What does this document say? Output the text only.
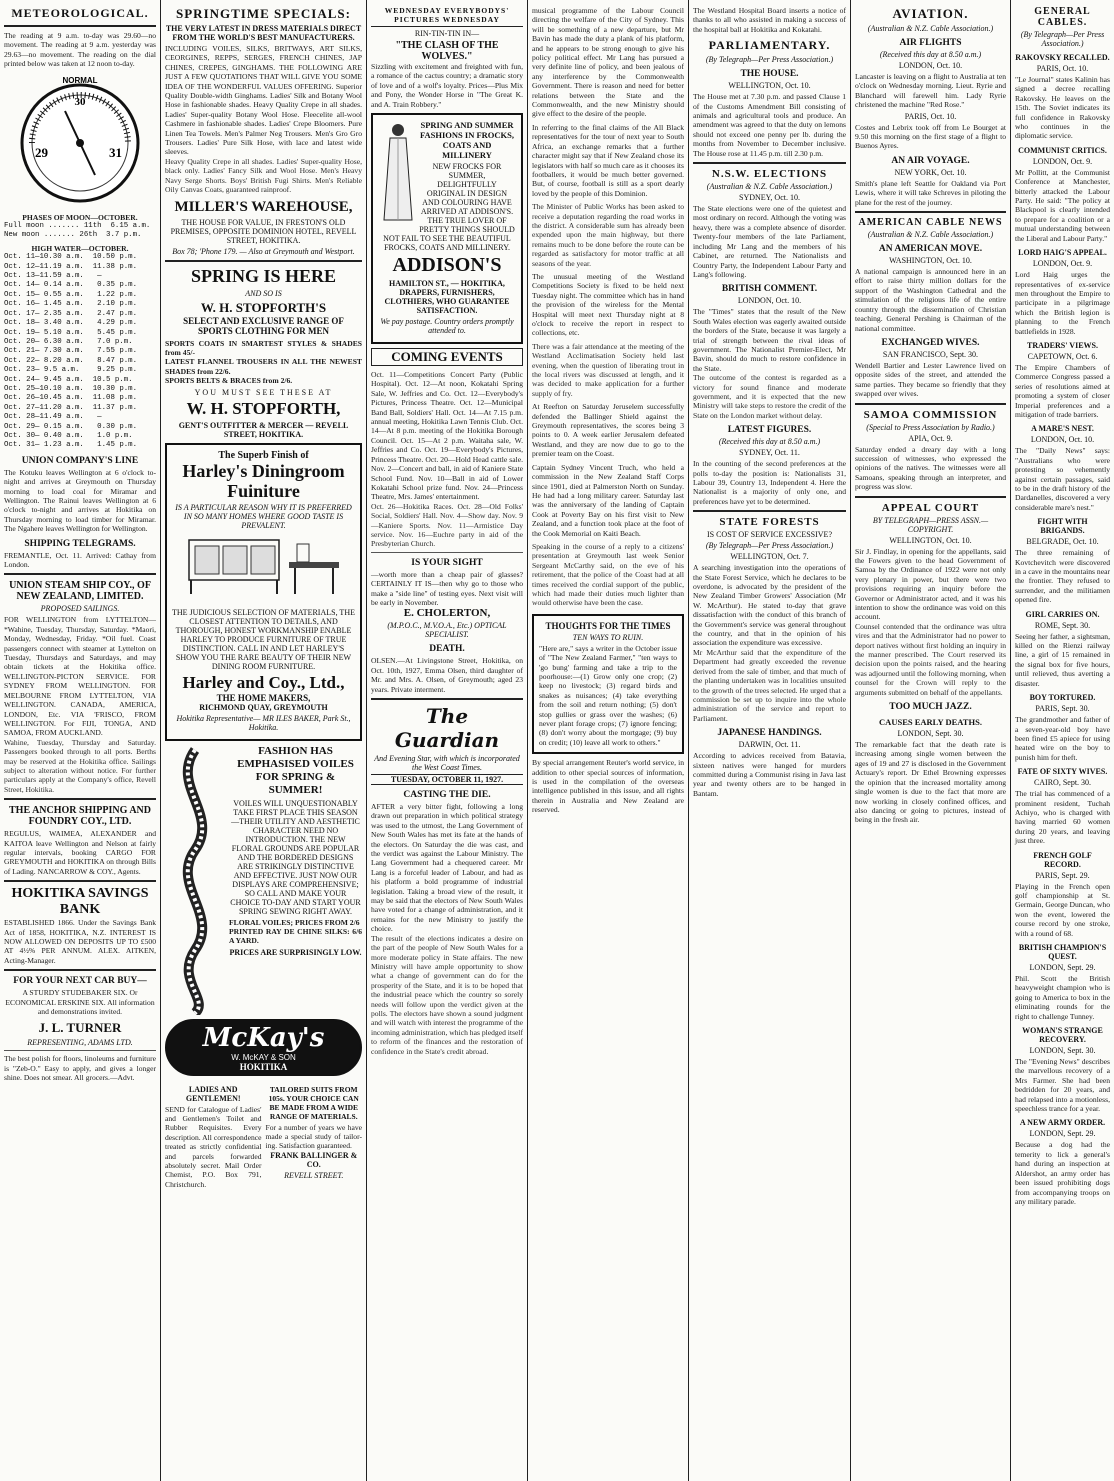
METEOROLOGICAL.
The reading at 9 a.m. to-day was 29.60—no movement. The reading at 9 a.m. yesterday was 29.63—no movement. The reading on the dial printed below was taken at 12 noon to-day.
NORMAL
29	31
30
PHASES OF MOON—OCTOBER.
Full moon ....... 11th  6.15 a.m.
New moon ....... 26th  3.7 p.m.
HIGH WATER—OCTOBER.
Oct. 11—10.30 a.m.  10.50 p.m.
Oct. 12—11.19 a.m.  11.38 p.m.
Oct. 13—11.59 a.m.   —
Oct. 14— 0.14 a.m.   0.35 p.m.
Oct. 15— 0.55 a.m.   1.22 p.m.
Oct. 16— 1.45 a.m.   2.10 p.m.
Oct. 17— 2.35 a.m.   2.47 p.m.
Oct. 18— 3.40 a.m.   4.29 p.m.
Oct. 19— 5.10 a.m.   5.45 p.m.
Oct. 20— 6.30 a.m.   7.0 p.m.
Oct. 21— 7.30 a.m.   7.55 p.m.
Oct. 22— 8.20 a.m.   8.47 p.m.
Oct. 23— 9.5 a.m.    9.25 p.m.
Oct. 24— 9.45 a.m.  10.5 p.m.
Oct. 25—10.10 a.m.  10.30 p.m.
Oct. 26—10.45 a.m.  11.08 p.m.
Oct. 27—11.20 a.m.  11.37 p.m.
Oct. 28—11.49 a.m.   —
Oct. 29— 0.15 a.m.   0.30 p.m.
Oct. 30— 0.40 a.m.   1.0 p.m.
Oct. 31— 1.23 a.m.   1.45 p.m.
UNION COMPANY'S LINE
The Kotuku leaves Wellington at 6 o'clock to-night and arrives at Greymouth on Thursday morning to load coal for Miramar and Wellington. The Rainui leaves Wellington at 6 o'clock to-night and arrives at Hokitika on Thursday morning to load timber for Miramar. The Ngahere leaves Wellington for Wellington.
SHIPPING TELEGRAMS.
FREMANTLE, Oct. 11. Arrived: Cathay from London.
UNION STEAM SHIP COY., OF NEW ZEALAND, LIMITED.
PROPOSED SAILINGS.
FOR WELLINGTON from LYTTELTON— *Wahine, Tuesday, Thursday, Saturday. *Maori, Monday, Wednesday, Friday. *Oil fuel. Coast passengers connect with steamer at Lyttelton on Tuesday, Thursdays and Saturdays, and may obtain tickets at the Hokitika office. WELLINGTON-PICTON SERVICE. FOR SYDNEY FROM WELLINGTON. FOR MELBOURNE FROM LYTTELTON, VIA WELLINGTON. CANADA, AMERICA, LONDON, Etc. VIA 'FRISCO, FROM WELLINGTON. For FIJI, TONGA, AND SAMOA, FROM AUCKLAND.
Wahine, Tuesday, Thursday and Saturday. Passengers booked through to all ports. Berths may be reserved at the Hokitika office. Sailings subject to alteration without notice. For further particulars apply at the Company's office, Revell Street, Hokitika.
THE ANCHOR SHIPPING AND FOUNDRY COY., LTD.
REGULUS, WAIMEA, ALEXANDER and KAITOA leave Wellington and Nelson at fairly regular intervals, booking CARGO FOR GREYMOUTH and HOKITIKA on through Bills of Lading. NANCARROW & COY., Agents.
HOKITIKA SAVINGS BANK
ESTABLISHED 1866. Under the Savings Bank Act of 1858, HOKITIKA, N.Z. INTEREST IS NOW ALLOWED ON DEPOSITS UP TO £500 AT 4½% PER ANNUM. ALEX. AITKEN, Acting-Manager.
FOR YOUR NEXT CAR BUY—
A STURDY STUDEBAKER SIX. Or ECONOMICAL ERSKINE SIX. All information and demonstrations invited.
J. L. TURNER
REPRESENTING, ADAMS LTD.
The best polish for floors, linoleums and furniture is "Zeb-O." Easy to apply, and gives a longer shine. Does not smear. All grocers.—Advt.
SPRINGTIME SPECIALS:
THE VERY LATEST IN DRESS MATERIALS DIRECT FROM THE WORLD'S BEST MANUFACTURERS.
INCLUDING VOILES, SILKS, BRITWAYS, ART SILKS, CEORGINES, REPPS, SERGES, FRENCH CHINES, JAP CHINES, CREPES, GINGHAMS. THE FOLLOWING ARE JUST A FEW QUOTATIONS THAT WILL GIVE YOU SOME IDEA OF THE WONDERFUL VALUES OFFERING. Superior Quality Double-width Ginghams. Ladies' Silk and Botany Wool Hose in fashionable shades. Heavy Quality Crepe in all shades. Ladies' Super-quality Botany Wool Hose. Fleecelite all-wool Cashmere in fashionable shades. Ladies' Crepe Bloomers. Pure Linen Tea Towels. Men's Palmer Neg Trousers. Men's Gro Gro Trousers. Ladies' Pure Silk Hose, with lace and latest wide sleeves.
Heavy Quality Crepe in all shades. Ladies' Super-quality Hose, black only. Ladies' Fancy Silk and Wool Hose. Men's Heavy Navy Serge Shorts. Boys' British Fugi Shirts. Men's Reliable Oily Canvas Coats, guaranteed rainproof.
MILLER'S WAREHOUSE,
THE HOUSE FOR VALUE, IN FRESTON'S OLD PREMISES, OPPOSITE DOMINION HOTEL, REVELL STREET, HOKITIKA.
Box 78; 'Phone 179. — Also at Greymouth and Westport.
SPRING IS HERE
AND SO IS
W. H. STOPFORTH'S
SELECT AND EXCLUSIVE RANGE OF SPORTS CLOTHING FOR MEN
SPORTS COATS IN SMARTEST STYLES & SHADES from 45/-
LATEST FLANNEL TROUSERS IN ALL THE NEWEST SHADES from 22/6.
SPORTS BELTS & BRACES from 2/6.
YOU MUST SEE THESE AT
W. H. STOPFORTH,
GENT'S OUTFITTER & MERCER — REVELL STREET, HOKITIKA.
The Superb Finish of
Harley's Diningroom Fuiniture
IS A PARTICULAR REASON WHY IT IS PREFERRED IN SO MANY HOMES WHERE GOOD TASTE IS PREVALENT.
THE JUDICIOUS SELECTION OF MATERIALS, THE CLOSEST ATTENTION TO DETAILS, AND THOROUGH, HONEST WORKMANSHIP ENABLE HARLEY TO PRODUCE FURNITURE OF TRUE DISTINCTION. CALL IN AND LET HARLEY'S SHOW YOU THE RARE BEAUTY OF THEIR NEW DINING ROOM FURNITURE.
Harley and Coy., Ltd.,
THE HOME MAKERS,
RICHMOND QUAY, GREYMOUTH
Hokitika Representative— MR ILES BAKER, Park St., Hokitika.
FASHION HAS EMPHASISED VOILES FOR SPRING & SUMMER!
VOILES WILL UNQUESTIONABLY TAKE FIRST PLACE THIS SEASON —THEIR UTILITY AND AESTHETIC CHARACTER NEED NO INTRODUCTION. THE NEW FLORAL GROUNDS ARE POPULAR AND THE BORDERED DESIGNS ARE STRIKINGLY DISTINCTIVE AND EFFECTIVE. JUST NOW OUR DISPLAYS ARE COMPREHENSIVE; SO CALL AND MAKE YOUR CHOICE TO-DAY AND START YOUR SPRING SEWING RIGHT AWAY.
FLORAL VOILES; PRICES FROM 2/6
PRINTED RAY DE CHINE SILKS: 6/6 A YARD.
PRICES ARE SURPRISINGLY LOW.
McKay's
W. McKAY & SON
HOKITIKA
LADIES AND GENTLEMEN!
SEND for Catalogue of Ladies' and Gentlemen's Toilet and Rubber Requisites. Every description. All correspondence treated as strictly confidential and parcels forwarded absolutely secret. Mail Order Chemist, P.O. Box 791, Christchurch.
TAILORED SUITS FROM 105s. YOUR CHOICE CAN BE MADE FROM A WIDE RANGE OF MATERIALS.
For a number of years we have made a special study of tailor-ing. Satisfaction guaranteed.
FRANK BALLINGER & CO.
REVELL STREET.
WEDNESDAY EVERYBODYS' PICTURES WEDNESDAY
RIN-TIN-TIN IN—
"THE CLASH OF THE WOLVES."
Sizzling with excitement and freighted with fun, a romance of the cactus country; a dramatic story of love and of a wolf's loyalty. Prices—Plus Mix and Pony, the Wonder Horse in "The Great K. and A. Train Robbery."
SPRING AND SUMMER FASHIONS IN FROCKS, COATS AND MILLINERY
NEW FROCKS FOR SUMMER, DELIGHTFULLY ORIGINAL IN DESIGN AND COLOURING HAVE ARRIVED AT ADDISON'S. THE TRUE LOVER OF PRETTY THINGS SHOULD NOT FAIL TO SEE THE BEAUTIFUL FROCKS, COATS AND MILLINERY.
ADDISON'S
HAMILTON ST., — HOKITIKA, DRAPERS, FURNISHERS, CLOTHIERS, WHO GUARANTEE SATISFACTION.
We pay postage. Country orders promptly attended to.
COMING EVENTS
Oct. 11—Competitions Concert Party (Public Hospital). Oct. 12—At noon, Kokatahi Spring Sale, W. Jeffries and Co. Oct. 12—Everybody's Pictures, Princess Theatre. Oct. 12—Municipal Band Ball, Soldiers' Hall. Oct. 14—At 7.15 p.m. annual meeting, Hokitika Lawn Tennis Club. Oct. 14—At 8 p.m. meeting of the Hokitika Borough Council. Oct. 15—At 2 p.m. Waitaha sale, W. Jeffries and Co. Oct. 19—Everybody's Pictures, Princess Theatre. Oct. 20—Hold Head cattle sale. Nov. 2—Concert and ball, in aid of Kaniere State School Fund. Nov. 10—Ball in aid of Lower Kokatahi School prize fund. Nov. 24—Princess Theatre, Mrs. James' entertainment.
Oct. 26—Hokitika Races. Oct. 28—Old Folks' Social, Soldiers' Hall. Nov. 4—Show day. Nov. 9—Kaniere Sports. Nov. 11—Armistice Day service. Nov. 16—Euchre party in aid of the Presbyterian Church.
IS YOUR SIGHT
—worth more than a cheap pair of glasses? CERTAINLY IT IS—then why go to those who make a "side line" of testing eyes. Next visit will be early in November.
E. CHOLERTON,
(M.P.O.C., M.V.O.A., Etc.) OPTICAL SPECIALIST.
DEATH.
OLSEN.—At Livingstone Street, Hokitika, on Oct. 10th, 1927, Emma Olsen, third daughter of Mr. and Mrs. A. Olsen, of Greymouth; aged 23 years. Private interment.
The Guardian
And Evening Star, with which is incorporated the West Coast Times.
TUESDAY, OCTOBER 11, 1927.
CASTING THE DIE.
AFTER a very bitter fight, following a long drawn out preparation in which political strategy was used to the utmost, the Lang Government of New South Wales has met its fate at the hands of the electors. On Saturday the die was cast, and the verdict was against the Labour Ministry. The Lang Government had a chequered career. Mr Lang is a forceful leader of Labour, and had as his platform a bold programme of industrial legislation. Taking a broad view of the result, it may be said that the electors of New South Wales have voted for a change of administration, and it remains for the new Ministry to justify the choice.
The result of the elections indicates a desire on the part of the people of New South Wales for a more moderate policy in State affairs. The new Ministry will have ample opportunity to show what a change of government can do for the prosperity of the State, and it is to be hoped that the industrial peace which the country so sorely needs will follow upon the verdict given at the polls. The electors have shown a sound judgment and will watch with interest the programme of the incoming administration, which has pledged itself to reform of the finances and the restoration of confidence in the State's credit abroad.
musical programme of the Labour Council directing the welfare of the City of Sydney. This will be something of a new departure, but Mr Bavin has made the duty a plank of his platform, and he appears to be strong enough to give his policy political effect. Mr Lang has pursued a very definite line of policy, and been jealous of any interference by the Commonwealth Government. There is reason and need for better relations between the State and the Commonwealth, and the new Ministry should give effect to the desire of the people.
In referring to the final claims of the All Black representatives for the tour of next year to South Africa, an exchange remarks that a further character might say that if New Zealand chose its legislators with half so much care as it chooses its footballers, it would be much better governed. But, of course, football is still as a sport dearly loved by the people of this Dominion.
The Minister of Public Works has been asked to receive a deputation regarding the road works in the district. A considerable sum has already been expended upon the main highway, but there remains much to be done before the route can be regarded as satisfactory for motor traffic at all seasons of the year.
The unusual meeting of the Westland Competitions Society is fixed to be held next Tuesday night. The committee which has in hand the provision of the wireless for the Mental Hospital will meet next Thursday night at 8 o'clock to receive the report in respect to collections, etc.
There was a fair attendance at the meeting of the Westland Acclimatisation Society held last evening, when the question of liberating trout in the local rivers was discussed at length, and it was decided to make application for a further supply of fry.
At Reefton on Saturday Jeruselem successfully defended the Ballinger Shield against the Greymouth representatives, the scores being 3 points to 0. A week earlier Jerusalem defeated Westland, and they are now due to go to the premier team on the Coast.
Captain Sydney Vincent Truch, who held a commission in the New Zealand Staff Corps since 1901, died at Palmerston North on Sunday. He had had a long military career. Saturday last was the anniversary of the landing of Captain Cook at Poverty Bay on his first visit to New Zealand, and a function took place at the foot of the Cook Memorial on Kaiti Beach.
Speaking in the course of a reply to a citizens' presentation at Greymouth last week Senior Sergeant McCarthy said, on the eve of his retirement, that the police of the Coast had at all times received the cordial support of the public, which had made their duties much lighter than would otherwise have been the case.
THOUGHTS FOR THE TIMES
TEN WAYS TO RUIN.
"Here are," says a writer in the October issue of "The New Zealand Farmer," "ten ways to 'go bung' farming and take a trip to the poorhouse:—(1) Grow only one crop; (2) keep no livestock; (3) regard birds and snakes as nuisances; (4) take everything from the soil and return nothing; (5) don't stop gullies or grass over the washes; (6) never plant forage crops; (7) ignore fencing; (8) don't worry about the mortgage; (9) buy on credit; (10) leave all work to others."
By special arrangement Reuter's world service, in addition to other special sources of information, is used in the compilation of the overseas intelligence published in this issue, and all rights therein in Australia and New Zealand are reserved.
The Westland Hospital Board inserts a notice of thanks to all who assisted in making a success of the hospital ball at Hokitika and Kokatahi.
PARLIAMENTARY.
(By Telegraph—Per Press Association.)
THE HOUSE.
WELLINGTON, Oct. 10.
The House met at 7.30 p.m. and passed Clause 1 of the Customs Amendment Bill consisting of animals and agricultural tools and produce. An amendment was agreed to that the duty on lemons should not exceed one penny per lb. during the months from November to December inclusive. The House rose at 11.45 p.m. till 2.30 p.m.
N.S.W. ELECTIONS
(Australian & N.Z. Cable Association.)
SYDNEY, Oct. 10.
The State elections were one of the quietest and most ordinary on record. Although the voting was heavy, there was a complete absence of disorder. Twenty-four members of the late Parliament, including Mr Lang and the members of his Cabinet, are returned. The Nationalists and Country Party, the Independent Labour Party and Lang's following.
BRITISH COMMENT.
LONDON, Oct. 10.
The "Times" states that the result of the New South Wales election was eagerly awaited outside the borders of the State, because it was largely a trial of strength between the rival ideas of government. The Nationalist Premier-Elect, Mr Bavin, should do much to restore confidence in the State.
The outcome of the contest is regarded as a victory for sound finance and moderate government, and it is expected that the new Ministry will take steps to restore the credit of the State on the London market without delay.
LATEST FIGURES.
(Received this day at 8.50 a.m.)
SYDNEY, Oct. 11.
In the counting of the second preferences at the polls to-day the position is: Nationalists 31, Labour 39, Country 13, Independent 4. Here the Nationalist is a majority of only one, and preferences have yet to be determined.
STATE FORESTS
IS COST OF SERVICE EXCESSIVE?
(By Telegraph—Per Press Association.)
WELLINGTON, Oct. 7.
A searching investigation into the operations of the State Forest Service, which he declares to be overdone, is advocated by the president of the New Zealand Timber Growers' Association (Mr W. McArthur). He stated to-day that grave dissatisfaction with the conduct of this branch of the Government's service was general throughout the country, and that in the opinion of his association the expenditure was excessive.
Mr McArthur said that the expenditure of the Department had greatly exceeded the revenue derived from the sale of timber, and that much of the planting undertaken was in localities unsuited to the growth of the trees selected. He urged that a commission be set up to inquire into the whole administration of the service and report to Parliament.
JAPANESE HANDINGS.
DARWIN, Oct. 11.
According to advices received from Batavia, sixteen natives were hanged for murders committed during a Communist rising in Java last year and twenty others are to be hanged in Bantam.
AVIATION.
(Australian & N.Z. Cable Association.)
AIR FLIGHTS
(Received this day at 8.50 a.m.)
LONDON, Oct. 10.
Lancaster is leaving on a flight to Australia at ten o'clock on Wednesday morning. Lieut. Ryrie and Blanchard will farewell him. Lady Ryrie christened the machine "Red Rose."
PARIS, Oct. 10.
Costes and Lebrix took off from Le Bourget at 9.50 this morning on the first stage of a flight to Buenos Ayres.
AN AIR VOYAGE.
NEW YORK, Oct. 10.
Smith's plane left Seattle for Oakland via Port Lewis, where it will take Schreves in piloting the plane for the rest of the journey.
AMERICAN CABLE NEWS
(Australian & N.Z. Cable Association.)
AN AMERICAN MOVE.
WASHINGTON, Oct. 10.
A national campaign is announced here in an effort to raise thirty million dollars for the support of the Washington Cathedral and the stimulation of the religious life of the entire country through the dissemination of Christian teaching. General Pershing is Chairman of the national committee.
EXCHANGED WIVES.
SAN FRANCISCO, Sept. 30.
Wendell Bartier and Lester Lawrence lived on opposite sides of the street, and attended the same parties. They became so friendly that they swapped over wives.
SAMOA COMMISSION
(Special to Press Association by Radio.)
APIA, Oct. 9.
Saturday ended a dreary day with a long succession of witnesses, who expressed the opinions of the natives. The witnesses were all Samoans, speaking through an interpreter, and progress was slow.
APPEAL COURT
BY TELEGRAPH—PRESS ASSN.—COPYRIGHT.
WELLINGTON, Oct. 10.
Sir J. Findlay, in opening for the appellants, said the Fowers given to the head Government of Samoa by the Ordinance of 1922 were not only very plenary in power, but there were two provisions requiring an inquiry before the Governor or Administrator acted, and it was his intention to show the ordinance was void on this account.
Counsel contended that the ordinance was ultra vires and that the Administrator had no power to deport natives without first holding an inquiry in the manner prescribed. The Court reserved its decision upon the points raised, and the hearing was adjourned until the following morning, when counsel for the Crown will reply to the arguments submitted on behalf of the appellants.
TOO MUCH JAZZ.
CAUSES EARLY DEATHS.
LONDON, Sept. 30.
The remarkable fact that the death rate is increasing among single women between the ages of 19 and 27 is disclosed in the Government Actuary's report. Dr Ethel Browning expresses the opinion that the increased mortality among single women is due to the fact that more are now working in closely confined offices, and also dancing or going to pictures, instead of being in the fresh air.
GENERAL CABLES.
(By Telegraph—Per Press Association.)
RAKOVSKY RECALLED.
PARIS, Oct. 10.
"Le Journal" states Kalinin has signed a decree recalling Rakovsky. He leaves on the 15th. The Soviet indicates its full confidence in Rakovsky who continues in the diplomatic service.
COMMUNIST CRITICS.
LONDON, Oct. 9.
Mr Pollitt, at the Communist Conference at Manchester, bitterly attacked the Labour Party. He said: "The policy at Blackpool is clearly intended to prepare for a coalition or a mutual understanding between the Liberal and Labour Party."
LORD HAIG'S APPEAL.
LONDON, Oct. 9.
Lord Haig urges the representatives of ex-service men throughout the Empire to participate in a pilgrimage which the British legion is planning to the French battlefields in 1928.
TRADERS' VIEWS.
CAPETOWN, Oct. 6.
The Empire Chambers of Commerce Congress passed a series of resolutions aimed at promoting a system of closer Imperial preferences and a mitigation of trade barriers.
A MARE'S NEST.
LONDON, Oct. 10.
The "Daily News" says: "Australians who were protesting so vehemently against certain passages, said to be in the draft history of the Dardanelles, discovered a very considerable mare's nest."
FIGHT WITH BRIGANDS.
BELGRADE, Oct. 10.
The three remaining of Kovtchevitch were discovered in a cave in the mountains near the frontier. They refused to surrender, and the militiamen opened fire.
GIRL CARRIES ON.
ROME, Sept. 30.
Seeing her father, a sightsman, killed on the Rienzi railway line, a girl of 15 remained in the signal box for five hours, until relieved, thus averting a disaster.
BOY TORTURED.
PARIS, Sept. 30.
The grandmother and father of a seven-year-old boy have been fined £5 apiece for using heated wire on the boy to punish him for theft.
FATE OF SIXTY WIVES.
CAIRO, Sept. 30.
The trial has commenced of a prominent resident, Tuchah Achiyo, who is charged with having married 60 women during 20 years, and leaving just three.
FRENCH GOLF RECORD.
PARIS, Sept. 29.
Playing in the French open golf championship at St. Germain, George Duncan, who won the event, lowered the course record by one stroke, with a round of 68.
BRITISH CHAMPION'S QUEST.
LONDON, Sept. 29.
Phil. Scott the British heavyweight champion who is going to America to box in the eliminating rounds for the right to challenge Tunney.
WOMAN'S STRANGE RECOVERY.
LONDON, Sept. 30.
The "Evening News" describes the marvellous recovery of a Mrs Farmer. She had been bedridden for 20 years, and had relapsed into a motionless, speechless trance for a year.
A NEW ARMY ORDER.
LONDON, Sept. 29.
Because a dog had the temerity to lick a general's hand during an inspection at Aldershot, an army order has been issued prohibiting dogs from accompanying troops on any military parade.
